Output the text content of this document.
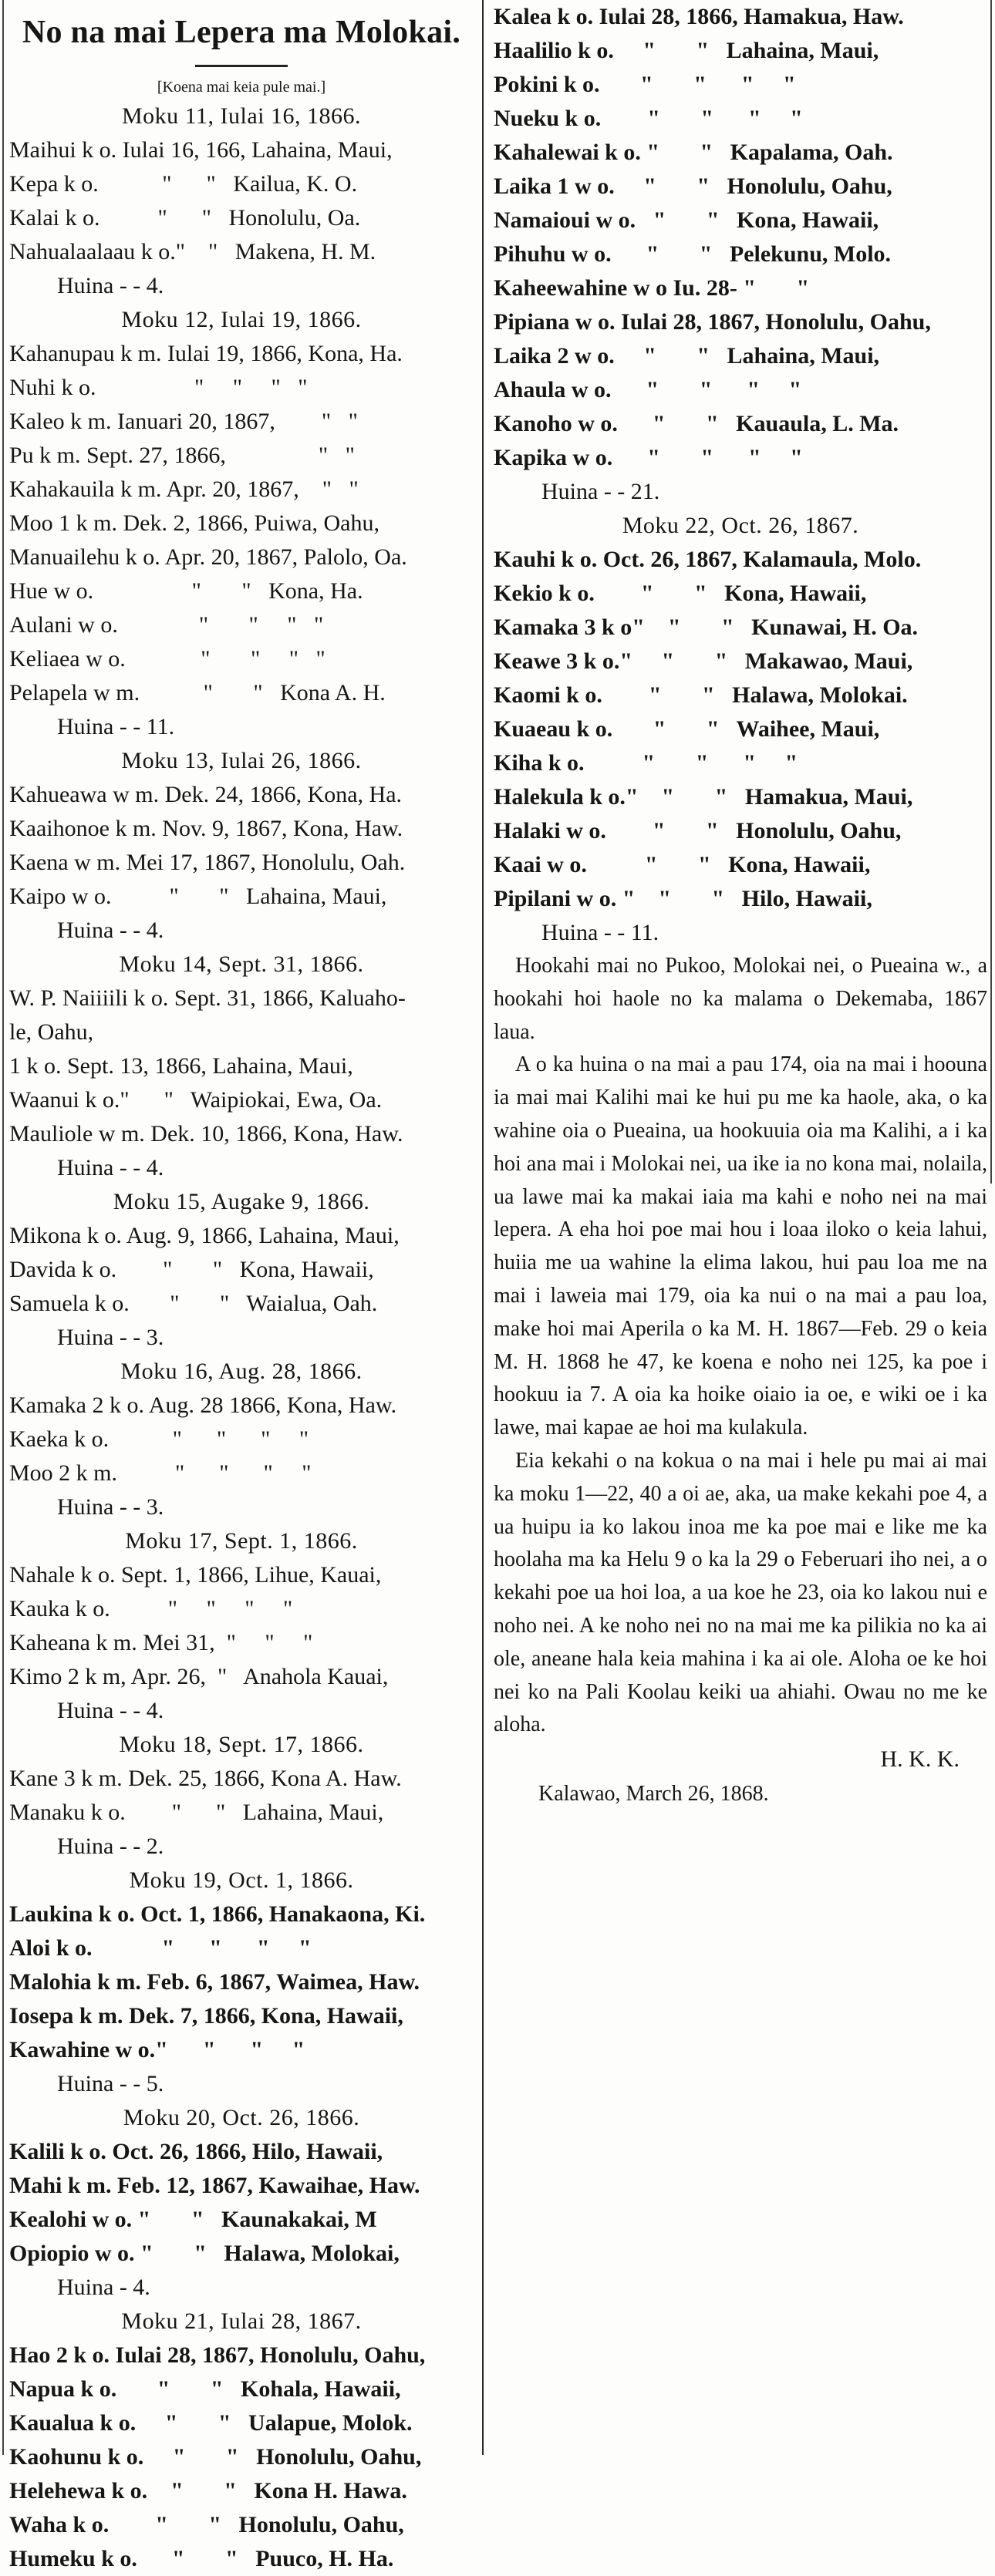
No na mai Lepera ma Molokai.
[Koena mai keia pule mai.]
Moku 11, Iulai 16, 1866.
Maihui k o. Iulai 16, 166, Lahaina, Maui,
Kepa k o.           "      "   Kailua, K. O.
Kalai k o.          "      "   Honolulu, Oa.
Nahualaalaau k o."    "   Makena, H. M.
Huina - - 4.
Moku 12, Iulai 19, 1866.
Kahanupau k m. Iulai 19, 1866, Kona, Ha.
Nuhi k o.                 "     "     "   "
Kaleo k m. Ianuari 20, 1867,        "   "
Pu k m. Sept. 27, 1866,                "   "
Kahakauila k m. Apr. 20, 1867,    "   "
Moo 1 k m. Dek. 2, 1866, Puiwa, Oahu,
Manuailehu k o. Apr. 20, 1867, Palolo, Oa.
Hue w o.                 "       "   Kona, Ha.
Aulani w o.              "       "     "   "
Keliaea w o.             "       "     "   "
Pelapela w m.           "       "   Kona A. H.
Huina - - 11.
Moku 13, Iulai 26, 1866.
Kahueawa w m. Dek. 24, 1866, Kona, Ha.
Kaaihonoe k m. Nov. 9, 1867, Kona, Haw.
Kaena w m. Mei 17, 1867, Honolulu, Oah.
Kaipo w o.          "       "   Lahaina, Maui,
Huina - - 4.
Moku 14, Sept. 31, 1866.
W. P. Naiiiili k o. Sept. 31, 1866, Kaluaho-
le, Oahu,
1 k o. Sept. 13, 1866, Lahaina, Maui,
Waanui k o."      "   Waipiokai, Ewa, Oa.
Mauliole w m. Dek. 10, 1866, Kona, Haw.
Huina - - 4.
Moku 15, Augake 9, 1866.
Mikona k o. Aug. 9, 1866, Lahaina, Maui,
Davida k o.        "       "   Kona, Hawaii,
Samuela k o.       "       "   Waialua, Oah.
Huina - - 3.
Moku 16, Aug. 28, 1866.
Kamaka 2 k o. Aug. 28 1866, Kona, Haw.
Kaeka k o.           "      "      "     "
Moo 2 k m.          "      "      "     "
Huina - - 3.
Moku 17, Sept. 1, 1866.
Nahale k o. Sept. 1, 1866, Lihue, Kauai,
Kauka k o.          "     "     "     "
Kaheana k m. Mei 31,  "     "     "
Kimo 2 k m, Apr. 26,  "   Anahola Kauai,
Huina - - 4.
Moku 18, Sept. 17, 1866.
Kane 3 k m. Dek. 25, 1866, Kona A. Haw.
Manaku k o.        "      "   Lahaina, Maui,
Huina - - 2.
Moku 19, Oct. 1, 1866.
Laukina k o. Oct. 1, 1866, Hanakaona, Ki.
Aloi k o.            "      "      "     "
Malohia k m. Feb. 6, 1867, Waimea, Haw.
Iosepa k m. Dek. 7, 1866, Kona, Hawaii,
Kawahine w o."      "      "     "
Huina - - 5.
Moku 20, Oct. 26, 1866.
Kalili k o. Oct. 26, 1866, Hilo, Hawaii,
Mahi k m. Feb. 12, 1867, Kawaihae, Haw.
Kealohi w o. "       "   Kaunakakai, M
Opiopio w o. "       "   Halawa, Molokai,
Huina - 4.
Moku 21, Iulai 28, 1867.
Hao 2 k o. Iulai 28, 1867, Honolulu, Oahu,
Napua k o.       "       "   Kohala, Hawaii,
Kaualua k o.     "       "   Ualapue, Molok.
Kaohunu k o.     "       "   Honolulu, Oahu,
Helehewa k o.    "       "   Kona H. Hawa.
Waha k o.        "       "   Honolulu, Oahu,
Humeku k o.      "       "   Puuco, H. Ha.
Kalea k o. Iulai 28, 1866, Hamakua, Haw.
Haalilio k o.     "       "   Lahaina, Maui,
Pokini k o.       "       "      "     "
Nueku k o.        "       "      "     "
Kahalewai k o. "       "   Kapalama, Oah.
Laika 1 w o.     "       "   Honolulu, Oahu,
Namaioui w o.   "       "   Kona, Hawaii,
Pihuhu w o.      "       "   Pelekunu, Molo.
Kaheewahine w o Iu. 28- "       "
Pipiana w o. Iulai 28, 1867, Honolulu, Oahu,
Laika 2 w o.     "       "   Lahaina, Maui,
Ahaula w o.      "       "      "     "
Kanoho w o.      "       "   Kauaula, L. Ma.
Kapika w o.      "       "      "     "
Huina - - 21.
Moku 22, Oct. 26, 1867.
Kauhi k o. Oct. 26, 1867, Kalamaula, Molo.
Kekio k o.        "       "   Kona, Hawaii,
Kamaka 3 k o"    "       "   Kunawai, H. Oa.
Keawe 3 k o."     "       "   Makawao, Maui,
Kaomi k o.        "       "   Halawa, Molokai.
Kuaeau k o.       "       "   Waihee, Maui,
Kiha k o.          "       "      "     "
Halekula k o."    "       "   Hamakua, Maui,
Halaki w o.        "       "   Honolulu, Oahu,
Kaai w o.          "       "   Kona, Hawaii,
Pipilani w o. "    "       "   Hilo, Hawaii,
Huina - - 11.

Hookahi mai no Pukoo, Molokai nei, o Pueaina w., a hookahi hoi haole no ka malama o Dekemaba, 1867 laua.

A o ka huina o na mai a pau 174, oia na mai i hoouna ia mai mai Kalihi mai ke hui pu me ka haole, aka, o ka wahine oia o Pueaina, ua hookuuia oia ma Kalihi, a i ka hoi ana mai i Molokai nei, ua ike ia no kona mai, nolaila, ua lawe mai ka makai iaia ma kahi e noho nei na mai lepera. A eha hoi poe mai hou i loaa iloko o keia lahui, huiia me ua wahine la elima lakou, hui pau loa me na mai i laweia mai 179, oia ka nui o na mai a pau loa, make hoi mai Aperila o ka M. H. 1867—Feb. 29 o keia M. H. 1868 he 47, ke koena e noho nei 125, ka poe i hookuu ia 7. A oia ka hoike oiaio ia oe, e wiki oe i ka lawe, mai kapae ae hoi ma kulakula.

Eia kekahi o na kokua o na mai i hele pu mai ai mai ka moku 1—22, 40 a oi ae, aka, ua make kekahi poe 4, a ua huipu ia ko lakou inoa me ka poe mai e like me ka hoolaha ma ka Helu 9 o ka la 29 o Feberuari iho nei, a o kekahi poe ua hoi loa, a ua koe he 23, oia ko lakou nui e noho nei. A ke noho nei no na mai me ka pilikia no ka ai ole, aneane hala keia mahina i ka ai ole. Aloha oe ke hoi nei ko na Pali Koolau keiki ua ahiahi. Owau no me ke aloha.

H. K. K.
Kalawao, March 26, 1868.
